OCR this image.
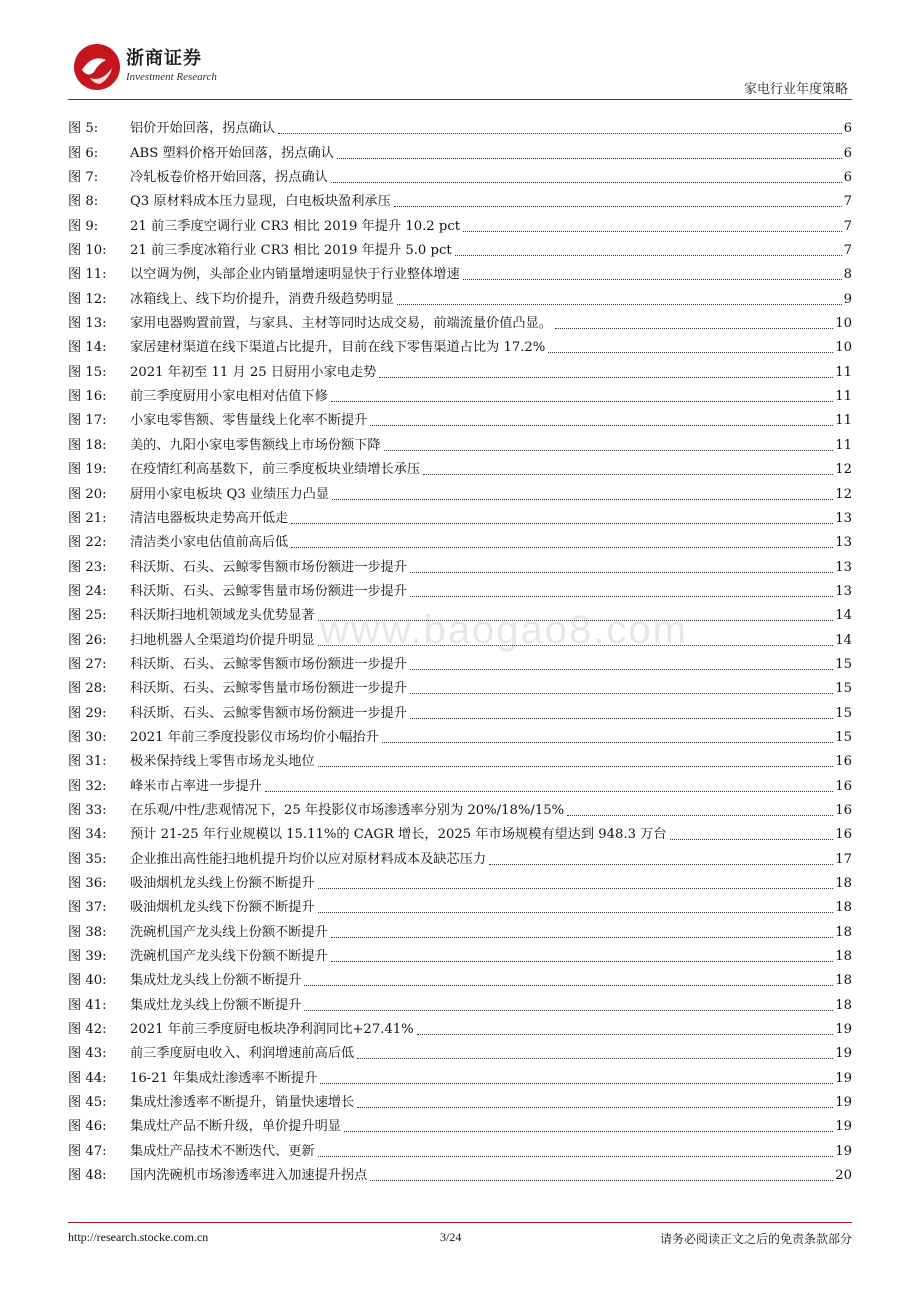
浙商证券
Investment Research
家电行业年度策略
www.baogao8.com
图 5:	铝价开始回落，拐点确认	6
图 6:	ABS 塑料价格开始回落，拐点确认	6
图 7:	冷轧板卷价格开始回落，拐点确认	6
图 8:	Q3 原材料成本压力显现，白电板块盈利承压	7
图 9:	21 前三季度空调行业 CR3 相比 2019 年提升 10.2 pct	7
图 10:	21 前三季度冰箱行业 CR3 相比 2019 年提升 5.0 pct	7
图 11:	以空调为例，头部企业内销量增速明显快于行业整体增速	8
图 12:	冰箱线上、线下均价提升，消费升级趋势明显	9
图 13:	家用电器购置前置，与家具、主材等同时达成交易，前端流量价值凸显。	10
图 14:	家居建材渠道在线下渠道占比提升，目前在线下零售渠道占比为 17.2%	10
图 15:	2021 年初至 11 月 25 日厨用小家电走势	11
图 16:	前三季度厨用小家电相对估值下修	11
图 17:	小家电零售额、零售量线上化率不断提升	11
图 18:	美的、九阳小家电零售额线上市场份额下降	11
图 19:	在疫情红利高基数下，前三季度板块业绩增长承压	12
图 20:	厨用小家电板块 Q3 业绩压力凸显	12
图 21:	清洁电器板块走势高开低走	13
图 22:	清洁类小家电估值前高后低	13
图 23:	科沃斯、石头、云鲸零售额市场份额进一步提升	13
图 24:	科沃斯、石头、云鲸零售量市场份额进一步提升	13
图 25:	科沃斯扫地机领域龙头优势显著	14
图 26:	扫地机器人全渠道均价提升明显	14
图 27:	科沃斯、石头、云鲸零售额市场份额进一步提升	15
图 28:	科沃斯、石头、云鲸零售量市场份额进一步提升	15
图 29:	科沃斯、石头、云鲸零售额市场份额进一步提升	15
图 30:	2021 年前三季度投影仪市场均价小幅抬升	15
图 31:	极米保持线上零售市场龙头地位	16
图 32:	峰米市占率进一步提升	16
图 33:	在乐观/中性/悲观情况下，25 年投影仪市场渗透率分别为 20%/18%/15%	16
图 34:	预计 21-25 年行业规模以 15.11%的 CAGR 增长，2025 年市场规模有望达到 948.3 万台	16
图 35:	企业推出高性能扫地机提升均价以应对原材料成本及缺芯压力	17
图 36:	吸油烟机龙头线上份额不断提升	18
图 37:	吸油烟机龙头线下份额不断提升	18
图 38:	洗碗机国产龙头线上份额不断提升	18
图 39:	洗碗机国产龙头线下份额不断提升	18
图 40:	集成灶龙头线上份额不断提升	18
图 41:	集成灶龙头线上份额不断提升	18
图 42:	2021 年前三季度厨电板块净利润同比+27.41%	19
图 43:	前三季度厨电收入、利润增速前高后低	19
图 44:	16-21 年集成灶渗透率不断提升	19
图 45:	集成灶渗透率不断提升，销量快速增长	19
图 46:	集成灶产品不断升级，单价提升明显	19
图 47:	集成灶产品技术不断迭代、更新	19
图 48:	国内洗碗机市场渗透率进入加速提升拐点	20
http://research.stocke.com.cn	3/24	请务必阅读正文之后的免责条款部分
